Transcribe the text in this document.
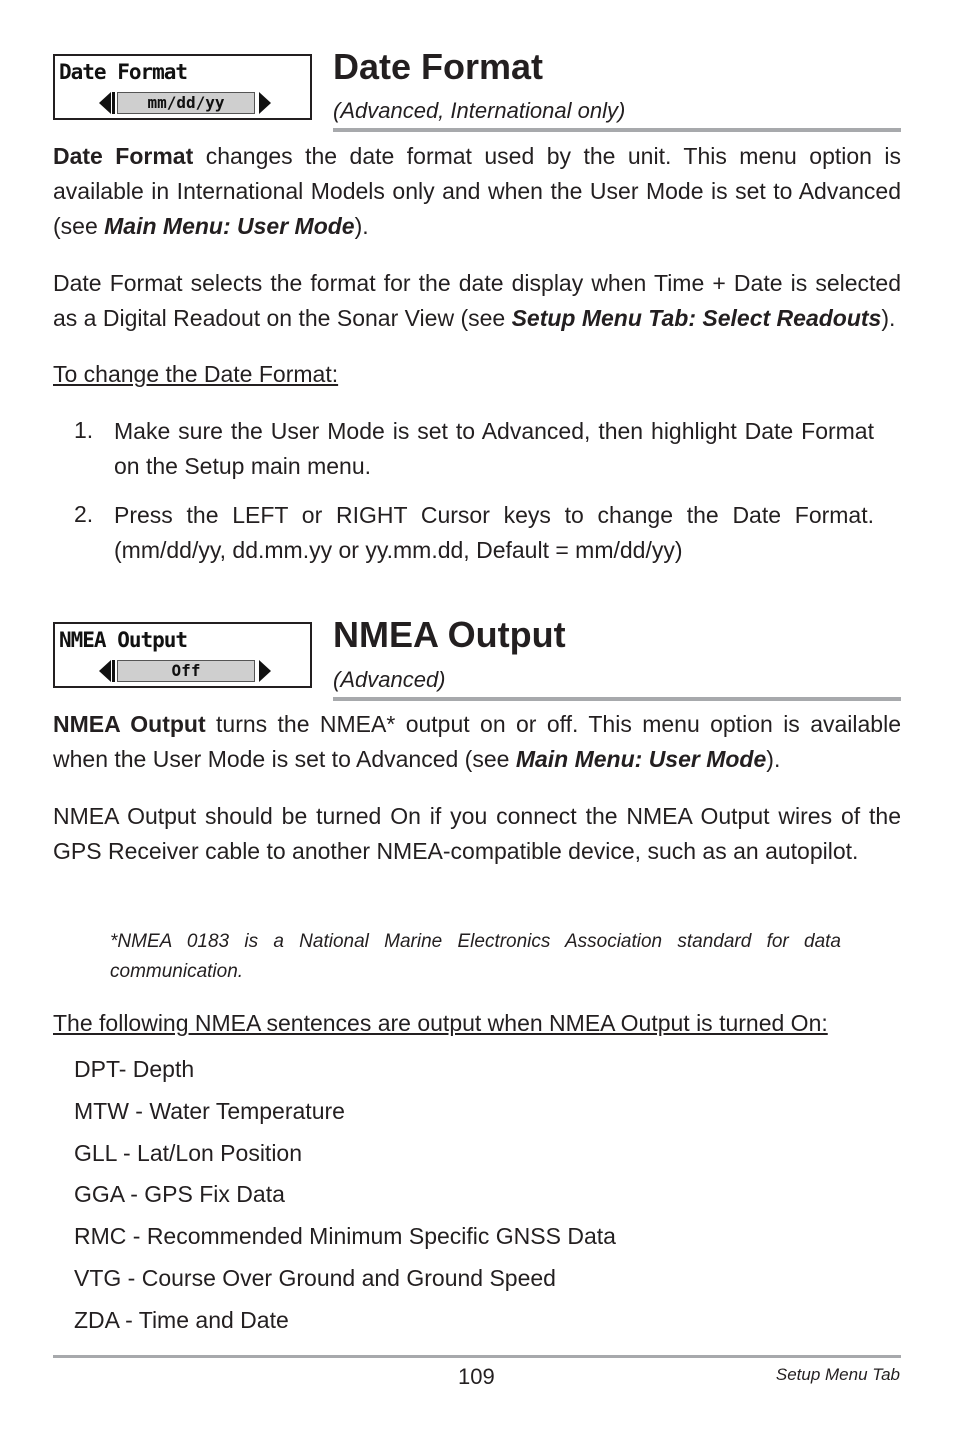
Date Format
mm/dd/yy
Date Format
(Advanced, International only)
Date Format changes the date format used by the unit. This menu option is available in International Models only and when the User Mode is set to Advanced (see Main Menu: User Mode).
Date Format selects the format for the date display when Time + Date is selected as a Digital Readout on the Sonar View (see Setup Menu Tab: Select Readouts).
To change the Date Format:
1. Make sure the User Mode is set to Advanced, then highlight Date Format on the Setup main menu.
2. Press the LEFT or RIGHT Cursor keys to change the Date Format. (mm/dd/yy, dd.mm.yy or yy.mm.dd, Default = mm/dd/yy)
NMEA Output
Off
NMEA Output
(Advanced)
NMEA Output turns the NMEA* output on or off. This menu option is available when the User Mode is set to Advanced (see Main Menu: User Mode).
NMEA Output should be turned On if you connect the NMEA Output wires of the GPS Receiver cable to another NMEA-compatible device, such as an autopilot.
*NMEA 0183 is a National Marine Electronics Association standard for data communication.
The following NMEA sentences are output when NMEA Output is turned On:
DPT- Depth
MTW - Water Temperature
GLL - Lat/Lon Position
GGA - GPS Fix Data
RMC - Recommended Minimum Specific GNSS Data
VTG - Course Over Ground and Ground Speed
ZDA - Time and Date
109	Setup Menu Tab
